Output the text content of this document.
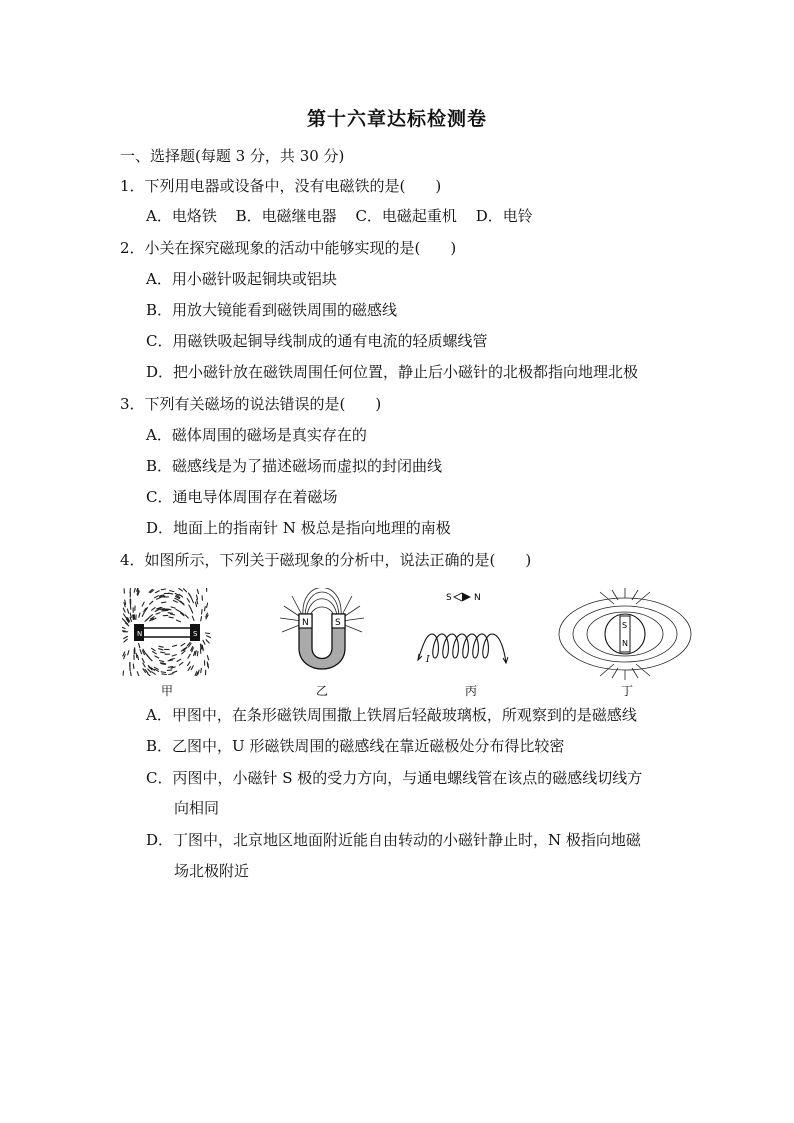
第十六章达标检测卷
一、选择题(每题 3 分，共 30 分)
1．下列用电器或设备中，没有电磁铁的是(　　)
A．电烙铁 B．电磁继电器 C．电磁起重机 D．电铃
2．小关在探究磁现象的活动中能够实现的是(　　)
A．用小磁针吸起铜块或铝块
B．用放大镜能看到磁铁周围的磁感线
C．用磁铁吸起铜导线制成的通有电流的轻质螺线管
D．把小磁针放在磁铁周围任何位置，静止后小磁针的北极都指向地理北极
3．下列有关磁场的说法错误的是(　　)
A．磁体周围的磁场是真实存在的
B．磁感线是为了描述磁场而虚拟的封闭曲线
C．通电导体周围存在着磁场
D．地面上的指南针 N 极总是指向地理的南极
4．如图所示，下列关于磁现象的分析中，说法正确的是(　　)
N	S
N	S
S N
I
S
N
甲	乙	丙	丁
A．甲图中，在条形磁铁周围撒上铁屑后轻敲玻璃板，所观察到的是磁感线
B．乙图中，U 形磁铁周围的磁感线在靠近磁极处分布得比较密
C．丙图中，小磁针 S 极的受力方向，与通电螺线管在该点的磁感线切线方
向相同
D．丁图中，北京地区地面附近能自由转动的小磁针静止时，N 极指向地磁
场北极附近
